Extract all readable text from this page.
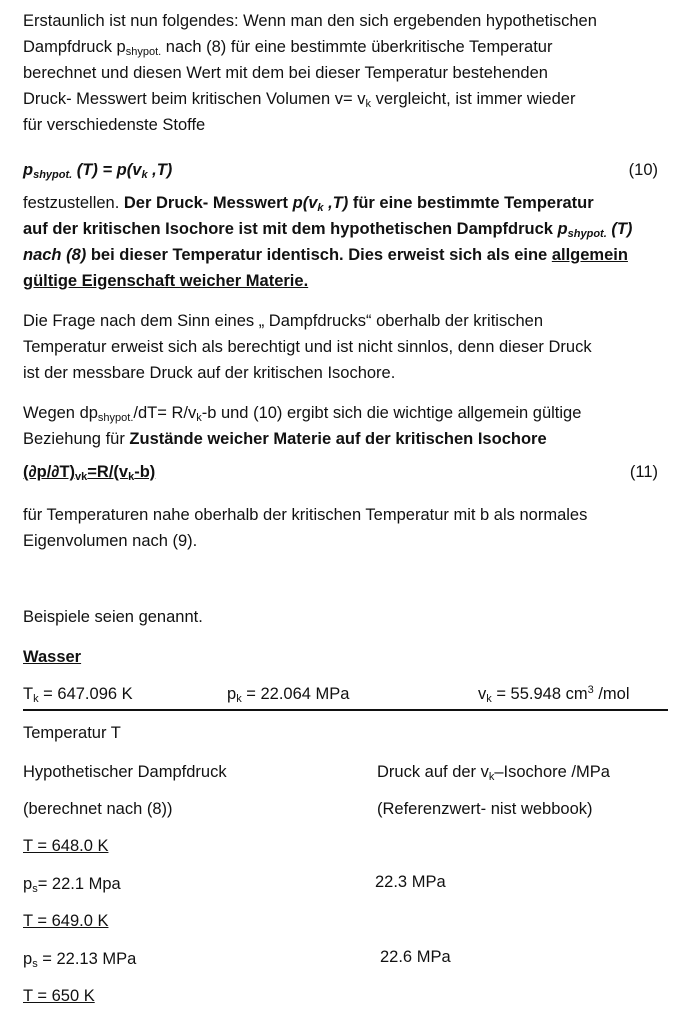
Erstaunlich ist nun folgendes: Wenn man den sich ergebenden hypothetischen

Dampfdruck $p_{shypot.}$ nach (8) für eine bestimmte überkritische Temperatur

berechnet und diesen Wert mit dem bei dieser Temperatur bestehenden

Druck- Messwert beim kritischen Volumen $v= v_k$ vergleicht, ist immer wieder

für verschiedenste Stoffe

$p_{shypot.}$ $(T) = p(v_k$ ,T)	(10)

festzustellen. Der Druck- Messwert $p(v_k$ ,T) für eine bestimmte Temperatur

auf der kritischen Isochore ist mit dem hypothetischen Dampfdruck $p_{shypot.}$ (T)

nach (8) bei dieser Temperatur identisch. Dies erweist sich als eine allgemein

gültige Eigenschaft weicher Materie.

Die Frage nach dem Sinn eines „ Dampfdrucks“ oberhalb der kritischen

Temperatur erweist sich als berechtigt und ist nicht sinnlos, denn dieser Druck

ist der messbare Druck auf der kritischen Isochore.

Wegen $dp_{shypot.}/dT= R/v_k-b$ und (10) ergibt sich die wichtige allgemein gültige

Beziehung für Zustände weicher Materie auf der kritischen Isochore

$(\partial p/\partial T)_{vk}=R/(v_k-b)$	(11)

für Temperaturen nahe oberhalb der kritischen Temperatur mit b als normales

Eigenvolumen nach (9).

Beispiele seien genannt.

Wasser

$T_k = 647.096$ K	$p_k = 22.064$ MPa	$v_k = 55.948$ $cm^3$ /mol

Temperatur T

Hypothetischer Dampfdruck	Druck auf der $v_k$–Isochore /MPa

(berechnet nach (8))	(Referenzwert- nist webbook)

T = 648.0 K

$p_s= 22.1$ Mpa	22.3 MPa

T = 649.0 K

$p_s = 22.13$ MPa	22.6 MPa

T = 650 K
